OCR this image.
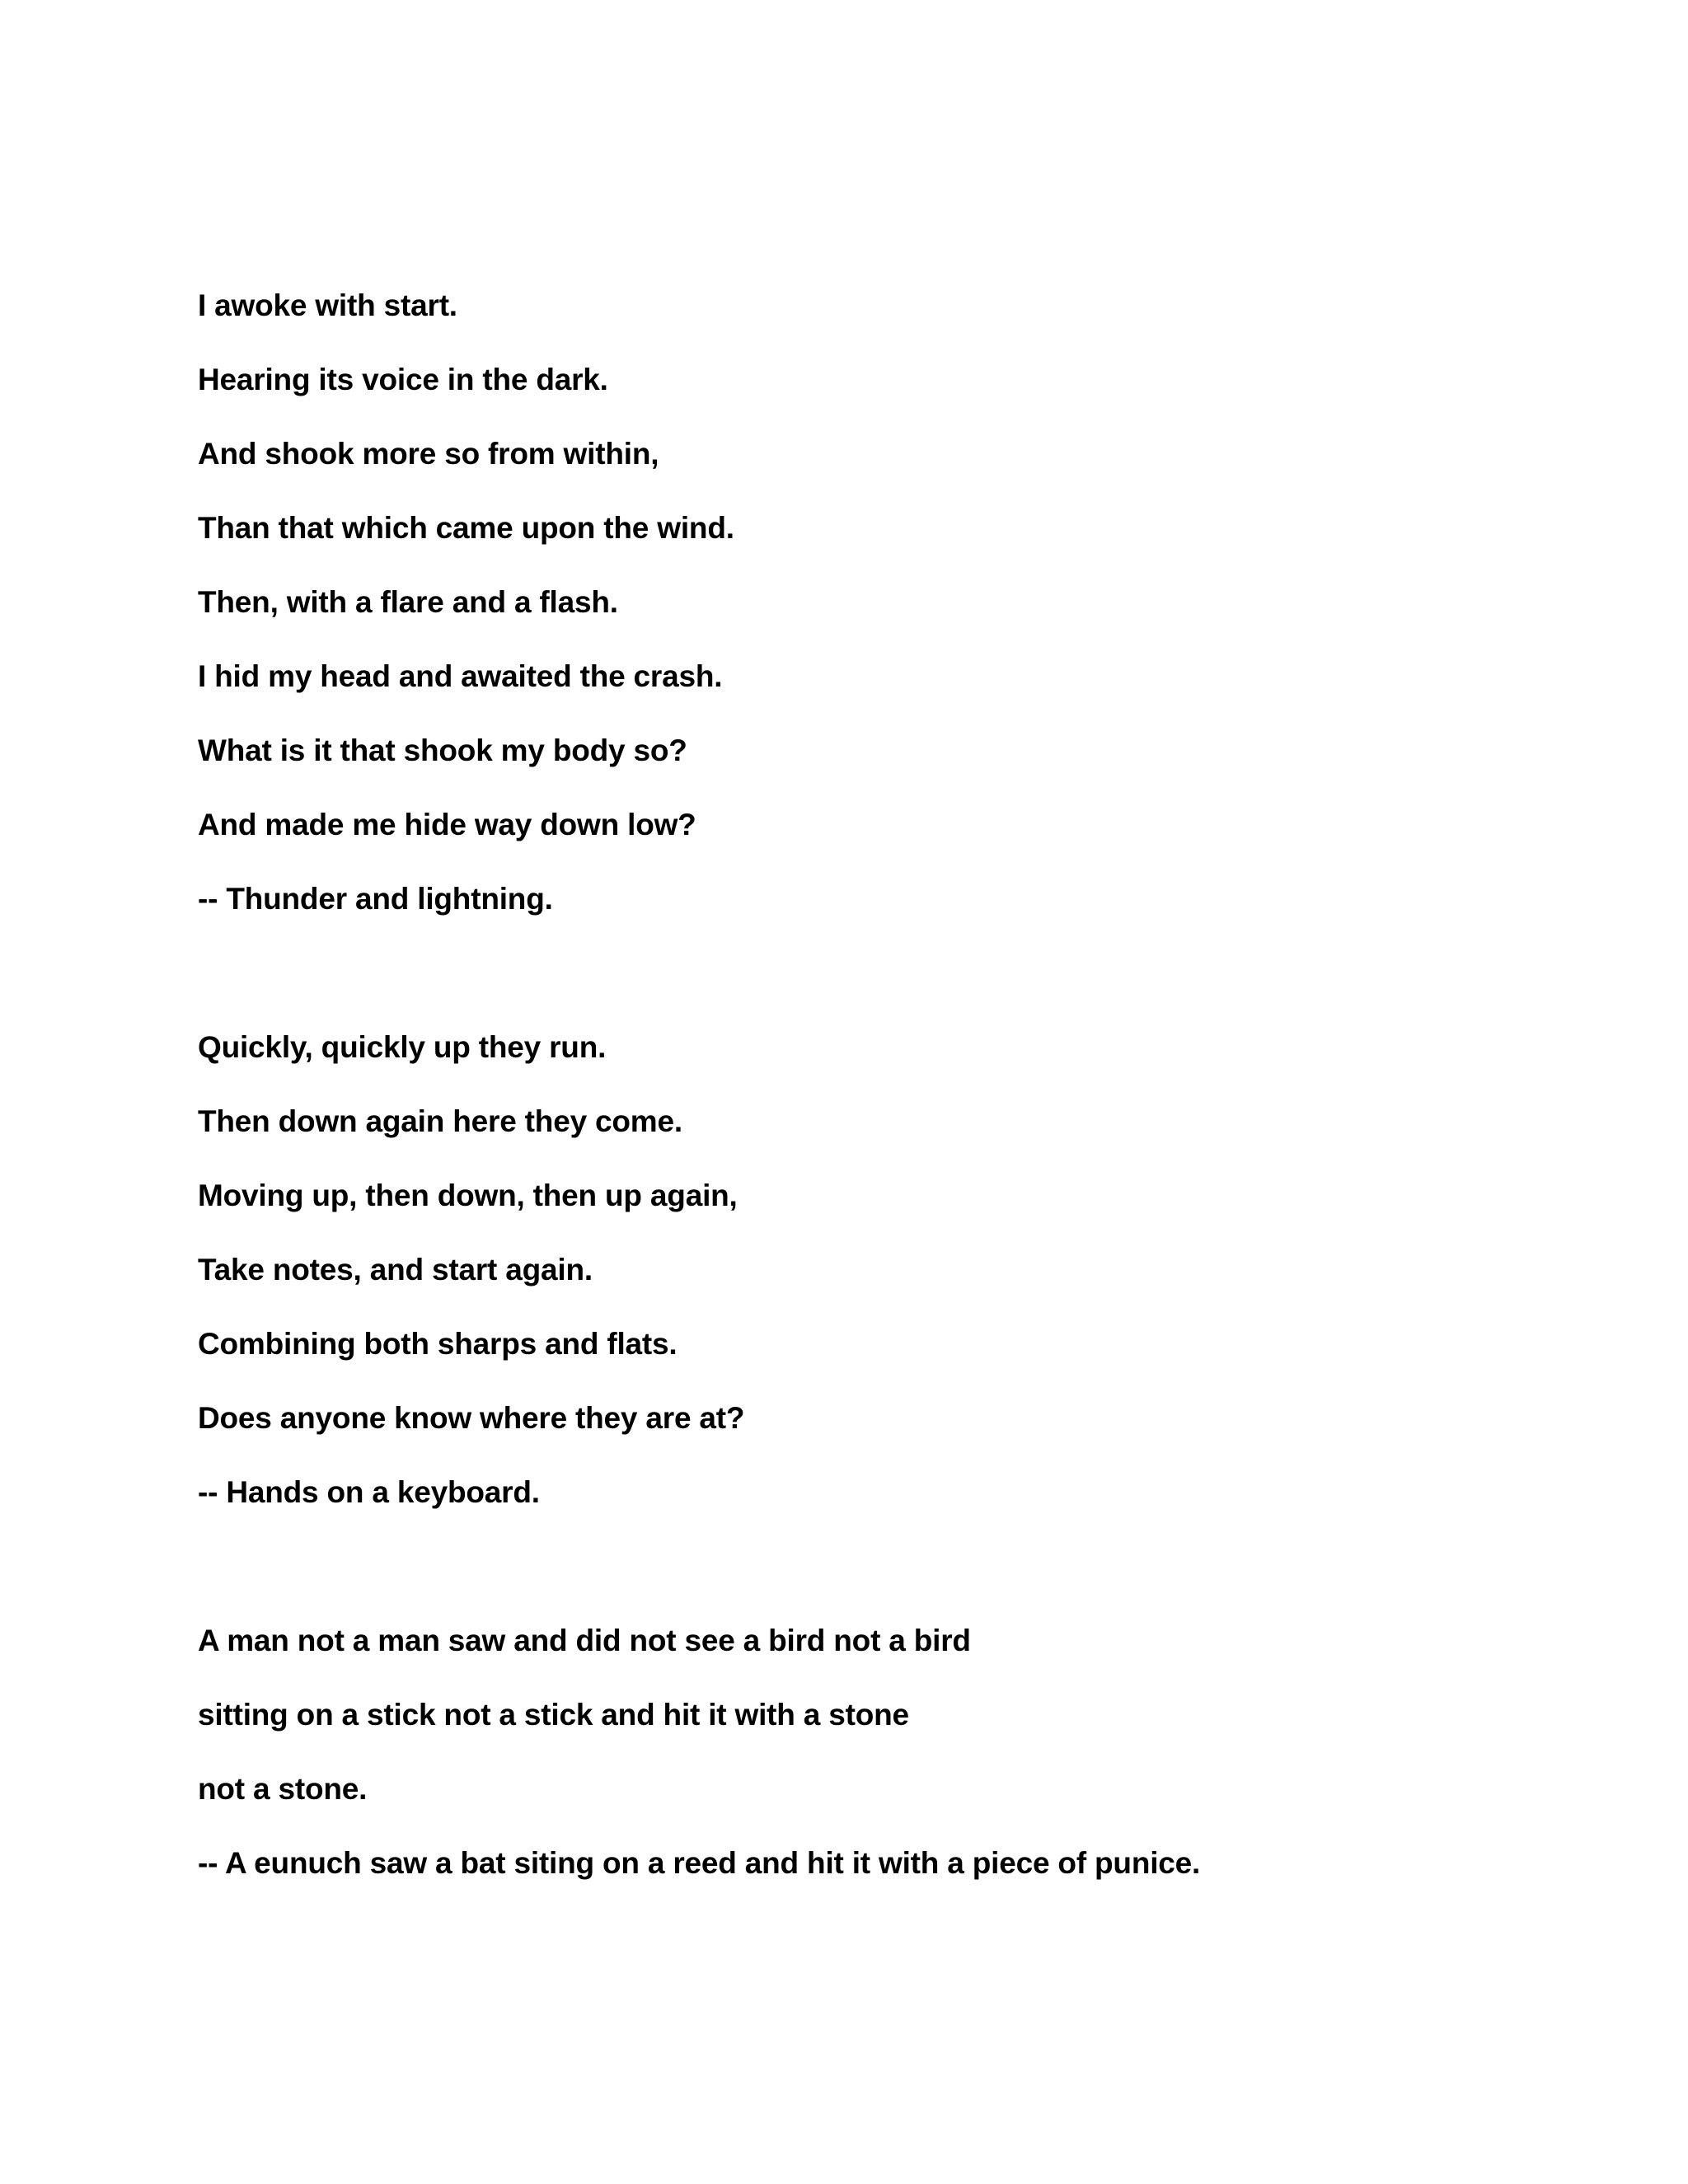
I awoke with start.
Hearing its voice in the dark.
And shook more so from within,
Than that which came upon the wind.
Then, with a flare and a flash.
I hid my head and awaited the crash.
What is it that shook my body so?
And made me hide way down low?
-- Thunder and lightning.
Quickly, quickly up they run.
Then down again here they come.
Moving up, then down, then up again,
Take notes, and start again.
Combining both sharps and flats.
Does anyone know where they are at?
-- Hands on a keyboard.
A man not a man saw and did not see a bird not a bird
sitting on a stick not a stick and hit it with a stone
not a stone.
-- A eunuch saw a bat siting on a reed and hit it with a piece of punice.
